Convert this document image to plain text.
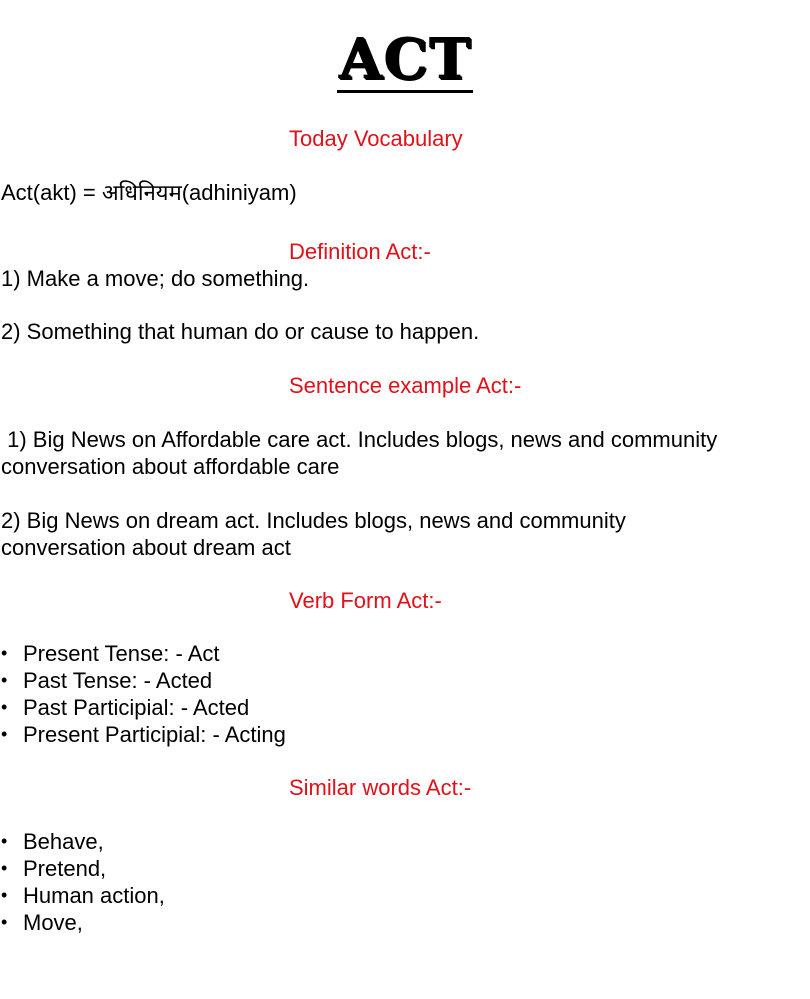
ACT
Today Vocabulary
Act(akt) = अधिनियम(adhiniyam)
Definition Act:-
1) Make a move; do something.
2) Something that human do or cause to happen.
Sentence example Act:-
1) Big News on Affordable care act. Includes blogs, news and community conversation about affordable care
2) Big News on dream act. Includes blogs, news and community conversation about dream act
Verb Form Act:-
• Present Tense: - Act
• Past Tense: - Acted
• Past Participial: - Acted
• Present Participial: - Acting
Similar words Act:-
• Behave,
• Pretend,
• Human action,
• Move,
